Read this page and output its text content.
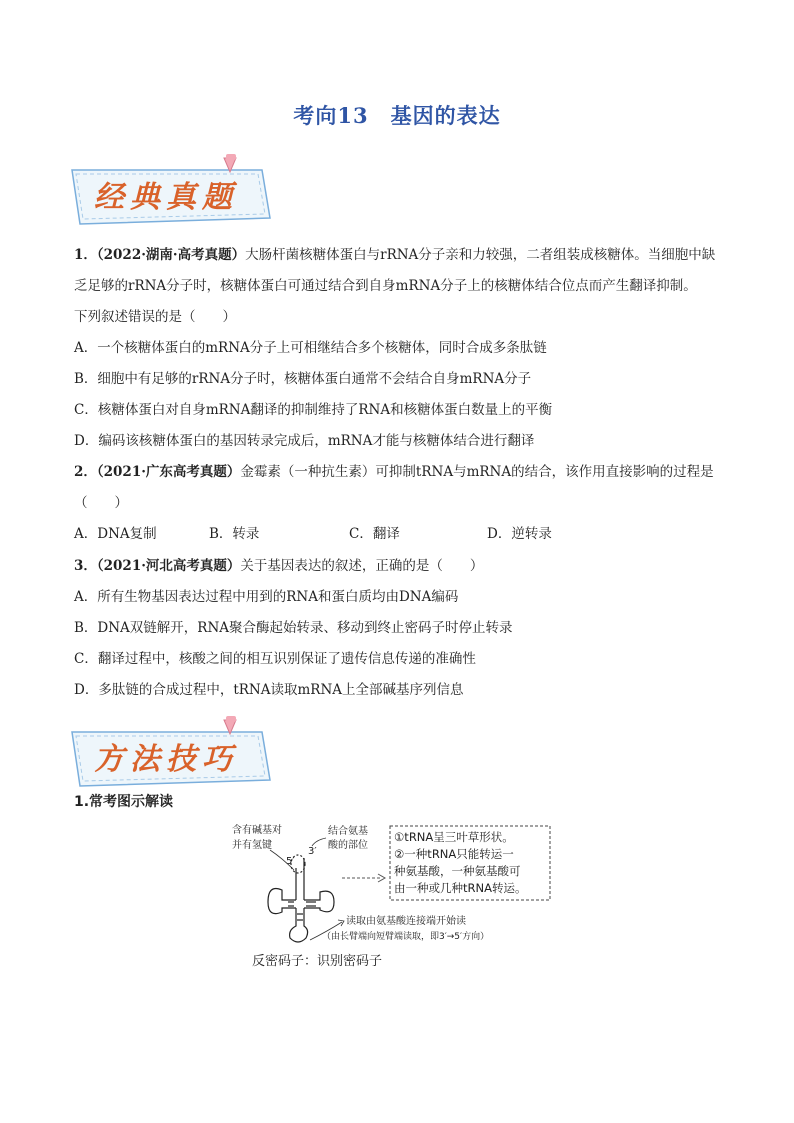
考向13　基因的表达
经典真题

1．（2022·湖南·高考真题）大肠杆菌核糖体蛋白与rRNA分子亲和力较强，二者组装成核糖体。当细胞中缺

乏足够的rRNA分子时，核糖体蛋白可通过结合到自身mRNA分子上的核糖体结合位点而产生翻译抑制。

下列叙述错误的是（　　）

A．一个核糖体蛋白的mRNA分子上可相继结合多个核糖体，同时合成多条肽链

B．细胞中有足够的rRNA分子时，核糖体蛋白通常不会结合自身mRNA分子

C．核糖体蛋白对自身mRNA翻译的抑制维持了RNA和核糖体蛋白数量上的平衡

D．编码该核糖体蛋白的基因转录完成后，mRNA才能与核糖体结合进行翻译

2．（2021·广东高考真题）金霉素（一种抗生素）可抑制tRNA与mRNA的结合，该作用直接影响的过程是

（　　）

A．DNA复制	B．转录	C．翻译	D．逆转录

3．（2021·河北高考真题）关于基因表达的叙述，正确的是（　　）

A．所有生物基因表达过程中用到的RNA和蛋白质均由DNA编码

B．DNA双链解开，RNA聚合酶起始转录、移动到终止密码子时停止转录

C．翻译过程中，核酸之间的相互识别保证了遗传信息传递的准确性

D．多肽链的合成过程中，tRNA读取mRNA上全部碱基序列信息

方法技巧
1.常考图示解读
含有碱基对
并有氢键
结合氨基
酸的部位
5′
3′
①tRNA呈三叶草形状。
②一种tRNA只能转运一
种氨基酸，一种氨基酸可
由一种或几种tRNA转运。
读取由氨基酸连接端开始读
（由长臂端向短臂端读取，即3′→5′方向）
反密码子：识别密码子
